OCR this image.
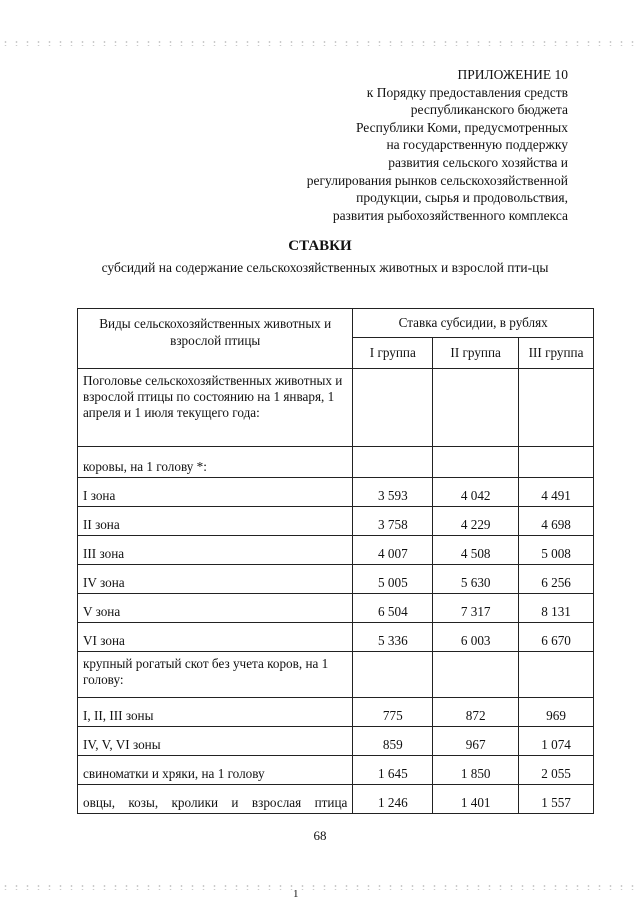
ПРИЛОЖЕНИЕ 10
к Порядку предоставления средств
республиканского бюджета
Республики Коми, предусмотренных
на государственную поддержку
развития сельского хозяйства и
регулирования рынков сельскохозяйственной
продукции, сырья и продовольствия,
развития рыбохозяйственного комплекса
СТАВКИ
субсидий на содержание сельскохозяйственных животных и взрослой пти-цы
Виды сельскохозяйственных животных и взрослой птицы	Ставка субсидии, в рублях		
	I группа	II группа	III группа
Поголовье сельскохозяйственных животных и взрослой птицы по состоянию на 1 января, 1 апреля и 1 июля текущего года:			
коровы, на 1 голову *:			
I зона	3 593	4 042	4 491
II зона	3 758	4 229	4 698
III зона	4 007	4 508	5 008
IV зона	5 005	5 630	6 256
V зона	6 504	7 317	8 131
VI зона	5 336	6 003	6 670
крупный рогатый скот без учета коров, на 1 голову:			
I, II, III зоны	775	872	969
IV, V, VI зоны	859	967	1 074
свиноматки и хряки, на 1 голову	1 645	1 850	2 055
овцы, козы, кролики и взрослая птица	1 246	1 401	1 557
68
1
